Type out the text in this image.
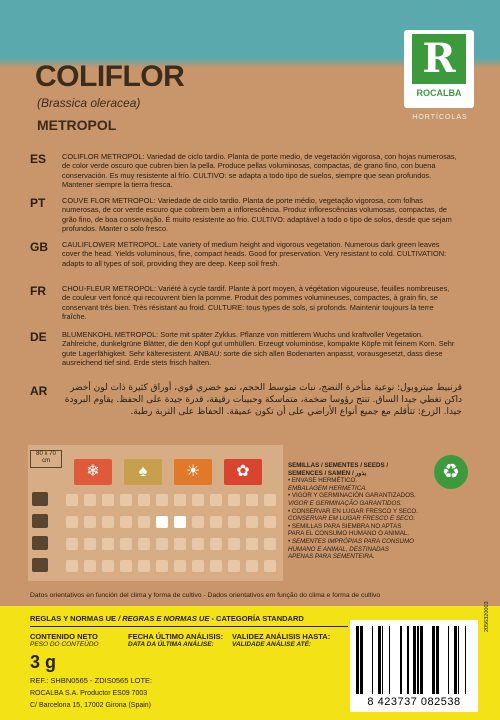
R
ROCALBA
HORTÍCOLAS
COLIFLOR
(Brassica oleracea)
METROPOL
ES COLIFLOR METROPOL: Variedad de ciclo tardío. Planta de porte medio, de vegetación vigorosa, con hojas numerosas, de color verde oscuro que cubren bien la pella. Produce pellas voluminosas, compactas, de grano fino, con buena conservación. Es muy resistente al frío. CULTIVO: se adapta a todo tipo de suelos, siempre que sean profundos. Mantener siempre la tierra fresca.
PT COUVE FLOR METROPOL: Variedade de ciclo tardio. Planta de porte médio, vegetação vigorosa, com folhas numerosas, de cor verde escuro que cobrem bem a inflorescência. Produz inflorescências volumosas, compactas, de grão fino, de boa conservação. É muito resistente ao frio. CULTIVO: adaptável a todo o tipo de solos, desde que sejam profundos. Manter o solo fresco.
GB CAULIFLOWER METROPOL: Late variety of medium height and vigorous vegetation. Numerous dark green leaves cover the head. Yields voluminous, fine, compact heads. Good for preservation. Very resistant to cold. CULTIVATION: adapts to all types of soil, providing they are deep. Keep soil fresh.
FR CHOU-FLEUR METROPOL: Variété à cycle tardif. Plante à port moyen, à végétation vigoureuse, feuilles nombreuses, de couleur vert foncé qui recouvrent bien la pomme. Produit des pommes volumineuses, compactes, à grain fin, se conservant très bien. Très résistant au froid. CULTURE: tous types de sols, si profonds. Maintenir toujours la terre fraîche.
DE BLUMENKOHL METROPOL: Sorte mit später Zyklus. Pflanze von mittlerem Wuchs und kraftvoller Vegetation. Zahlreiche, dunkelgrüne Blätter, die den Kopf gut umhüllen. Erzeugt voluminöse, kompakte Köpfe mit feinem Korn. Sehr gute Lagerfähigkeit. Sehr kälteresistent. ANBAU: sorte die sich allen Bodenarten anpasst, vorausgesetzt, dass diese ausreichend tief sind. Erde stets frisch halten.
AR	قرنبيط ميتروبول: نوعية متأخرة النضج، نبات متوسط الحجم، نمو خضري قوي، أوراق كثيرة ذات لون أخضر داكن تغطي جيدا الساق. تنتج رؤوسا ضخمة، متماسكة وحبيبات رقيقة، قدرة جيدة على الحفظ. يقاوم البرودة جيدا. الزرع: تتأقلم مع جميع أنواع الأراضي على أن تكون عميقة. الحفاظ على التربة رطبة.
80 x 70
cm
❄	♠	☀	✿	SEMILLAS / SEMENTES / SEEDS /
SEMENCES / SAMEN / بذور
• ENVASE HERMÉTICO.
EMBALAGEM HERMÉTICA.
• VIGOR Y GERMINACIÓN GARANTIZADOS.
VIGOR E GERMINAÇÃO GARANTIDOS.
• CONSERVAR EN LUGAR FRESCO Y SECO.
CONSERVAR EM LUGAR FRESCO E SECO.
• SEMILLAS PARA SIEMBRA NO APTAS
PARA EL CONSUMO HUMANO O ANIMAL.
• SEMENTES IMPRÓPIAS PARA CONSUMO
HUMANO E ANIMAL, DESTINADAS
APENAS PARA SEMENTEIRA.
♻
Datos orientativos en función del clima y forma de cultivo - Dados orientativos em função do clima e forma de cultivo
REGLAS Y NORMAS UE / REGRAS E NORMAS UE - CATEGORÍA STANDARD
CONTENIDO NETO
PESO DO CONTEÚDO
3 g
FECHA ÚLTIMO ANÁLISIS:
DATA DA ÚLTIMA ANÁLISE:
VALIDEZ ANÁLISIS HASTA:
VALIDADE ANÁLISE ATÉ:
REF.: SHBN0565 - ZDIS0565 LOTE:
ROCALBA S.A. Productor ES09 7003
C/ Barcelona 15, 17002 Girona (Spain)	8 423737 082538
2056320003
